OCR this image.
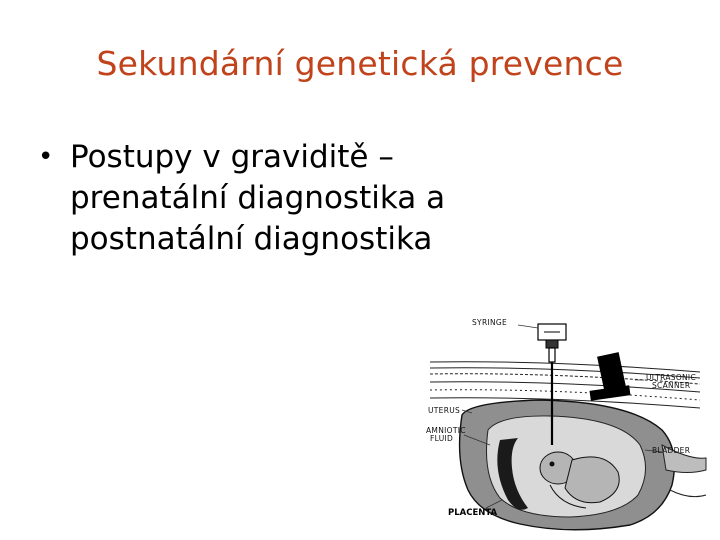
Sekundární genetická prevence
• Postupy v graviditě –
prenatální diagnostika a
postnatální diagnostika
SYRINGE
ULTRASONIC
SCANNER
UTERUS
AMNIOTIC
FLUID
BLADDER
PLACENTA
